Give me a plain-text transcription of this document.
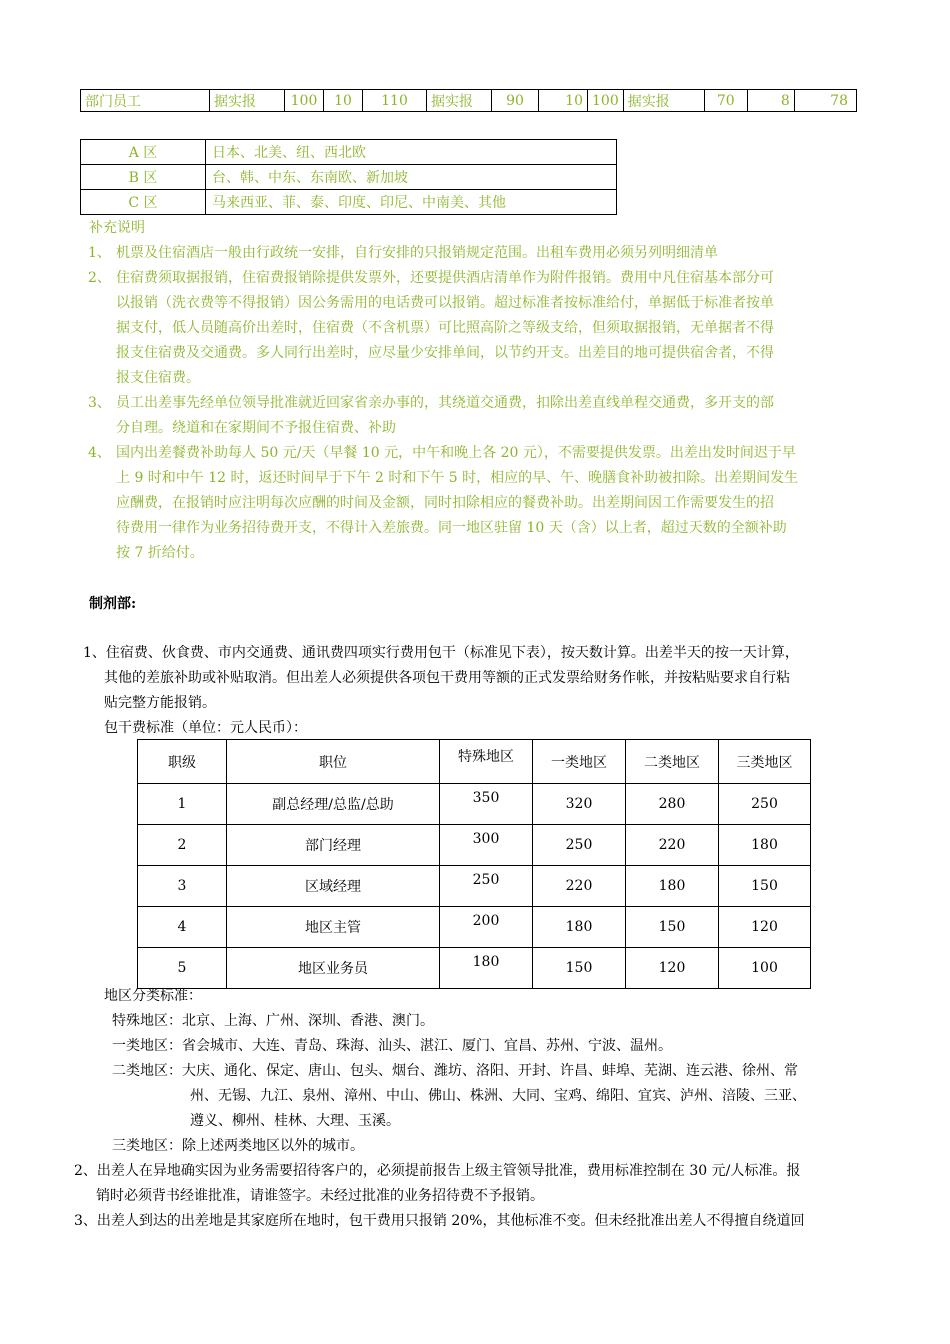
部门员工	据实报	100	10	110	据实报	90	10	100	据实报	70	8	78
A 区	日本、北美、纽、西北欧
B 区	台、韩、中东、东南欧、新加坡
C 区	马来西亚、菲、泰、印度、印尼、中南美、其他
补充说明
1、 机票及住宿酒店一般由行政统一安排，自行安排的只报销规定范围。出租车费用必须另列明细清单
2、 住宿费须取据报销，住宿费报销除提供发票外，还要提供酒店清单作为附件报销。费用中凡住宿基本部分可
以报销（洗衣费等不得报销）因公务需用的电话费可以报销。超过标准者按标准给付，单据低于标准者按单
据支付，低人员随高价出差时，住宿费（不含机票）可比照高阶之等级支给，但须取据报销，无单据者不得
报支住宿费及交通费。多人同行出差时，应尽量少安排单间，以节约开支。出差目的地可提供宿舍者，不得
报支住宿费。
3、 员工出差事先经单位领导批准就近回家省亲办事的，其绕道交通费，扣除出差直线单程交通费，多开支的部
分自理。绕道和在家期间不予报住宿费、补助
4、 国内出差餐费补助每人 50 元/天（早餐 10 元，中午和晚上各 20 元），不需要提供发票。出差出发时间迟于早
上 9 时和中午 12 时，返还时间早于下午 2 时和下午 5 时，相应的早、午、晚膳食补助被扣除。出差期间发生
应酬费，在报销时应注明每次应酬的时间及金额，同时扣除相应的餐费补助。出差期间因工作需要发生的招
待费用一律作为业务招待费开支，不得计入差旅费。同一地区驻留 10 天（含）以上者，超过天数的全额补助
按 7 折给付。
制剂部:
1、住宿费、伙食费、市内交通费、通讯费四项实行费用包干（标准见下表），按天数计算。出差半天的按一天计算，
其他的差旅补助或补贴取消。但出差人必须提供各项包干费用等额的正式发票给财务作帐，并按粘贴要求自行粘
贴完整方能报销。
包干费标准（单位：元人民币）：
职级	职位	特殊地区	一类地区	二类地区	三类地区
1	副总经理/总监/总助	350	320	280	250
2	部门经理	300	250	220	180
3	区域经理	250	220	180	150
4	地区主管	200	180	150	120
5	地区业务员	180	150	120	100
地区分类标准：
特殊地区：北京、上海、广州、深圳、香港、澳门。
一类地区：省会城市、大连、青岛、珠海、汕头、湛江、厦门、宜昌、苏州、宁波、温州。
二类地区：大庆、通化、保定、唐山、包头、烟台、潍坊、洛阳、开封、许昌、蚌埠、芜湖、连云港、徐州、常
州、无锡、九江、泉州、漳州、中山、佛山、株洲、大同、宝鸡、绵阳、宜宾、泸州、涪陵、三亚、
遵义、柳州、桂林、大理、玉溪。
三类地区：除上述两类地区以外的城市。
2、出差人在异地确实因为业务需要招待客户的，必须提前报告上级主管领导批准，费用标准控制在 30 元/人标准。报
销时必须背书经谁批准，请谁签字。未经过批准的业务招待费不予报销。
3、出差人到达的出差地是其家庭所在地时，包干费用只报销 20%，其他标准不变。但未经批准出差人不得擅自绕道回
